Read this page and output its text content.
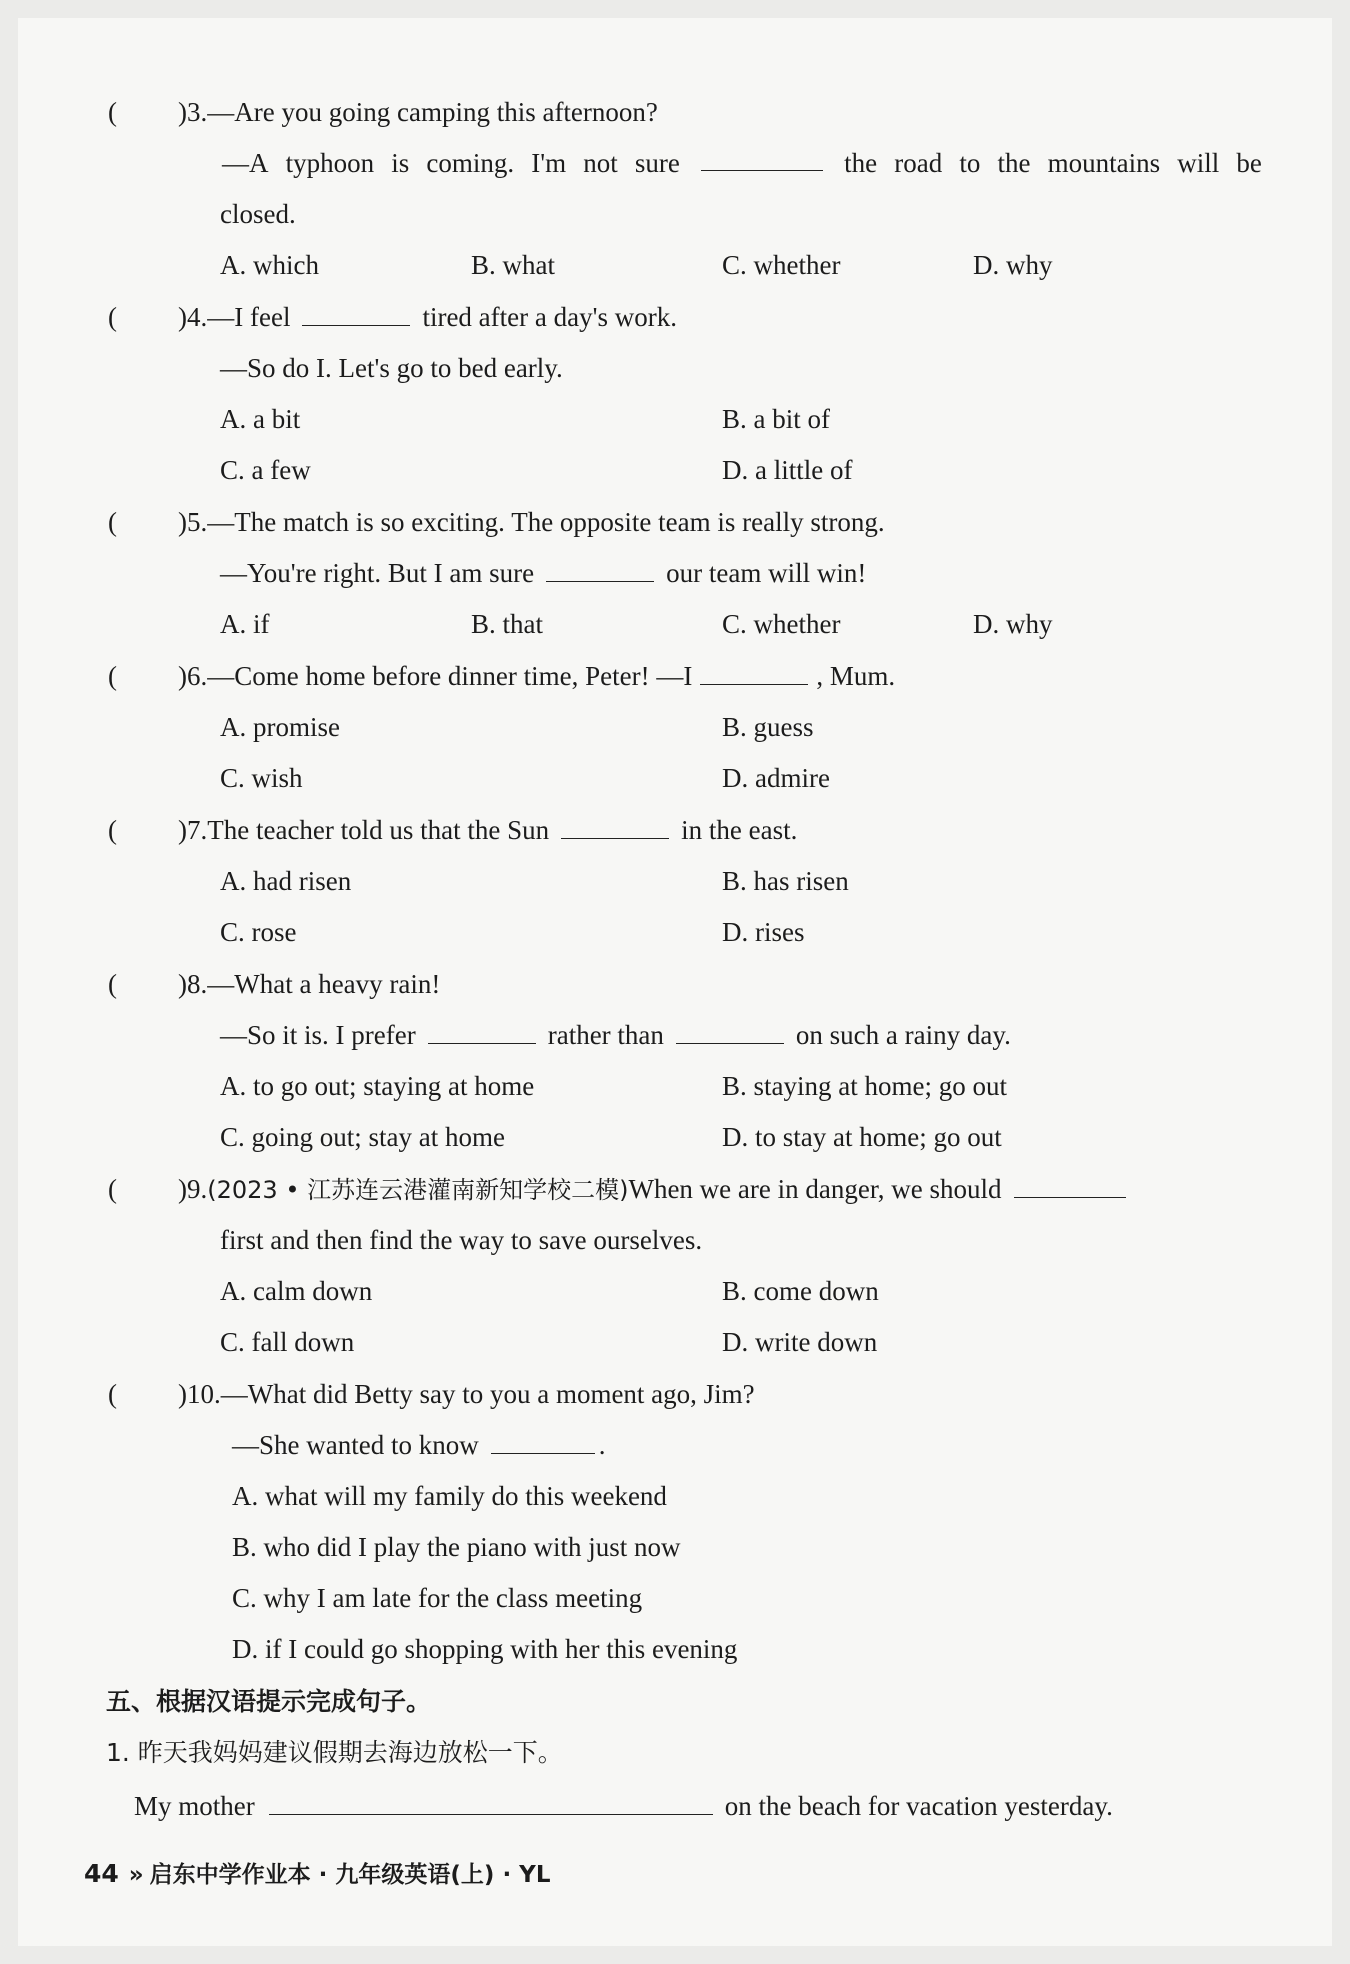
( )3.—Are you going camping this afternoon?
—A typhoon is coming. I'm not sure	the road to the mountains will be
closed.
A. which	B. what	C. whether	D. why
( )4.—I feel	tired after a day's work.
—So do I. Let's go to bed early.
A. a bit	B. a bit of
C. a few	D. a little of
( )5.—The match is so exciting. The opposite team is really strong.
—You're right. But I am sure	our team will win!
A. if	B. that	C. whether	D. why
( )6.—Come home before dinner time, Peter! —I	, Mum.
A. promise	B. guess
C. wish	D. admire
( )7.The teacher told us that the Sun	in the east.
A. had risen	B. has risen
C. rose	D. rises
( )8.—What a heavy rain!
—So it is. I prefer	rather than	on such a rainy day.
A. to go out; staying at home	B. staying at home; go out
C. going out; stay at home	D. to stay at home; go out
( )9.(2023 • 江苏连云港灌南新知学校二模)When we are in danger, we should
first and then find the way to save ourselves.
A. calm down	B. come down
C. fall down	D. write down
( )10.—What did Betty say to you a moment ago, Jim?
—She wanted to know	.
A. what will my family do this weekend
B. who did I play the piano with just now
C. why I am late for the class meeting
D. if I could go shopping with her this evening
五、根据汉语提示完成句子。
1. 昨天我妈妈建议假期去海边放松一下。
My mother	on the beach for vacation yesterday.
44 » 启东中学作业本 · 九年级英语(上) · YL
